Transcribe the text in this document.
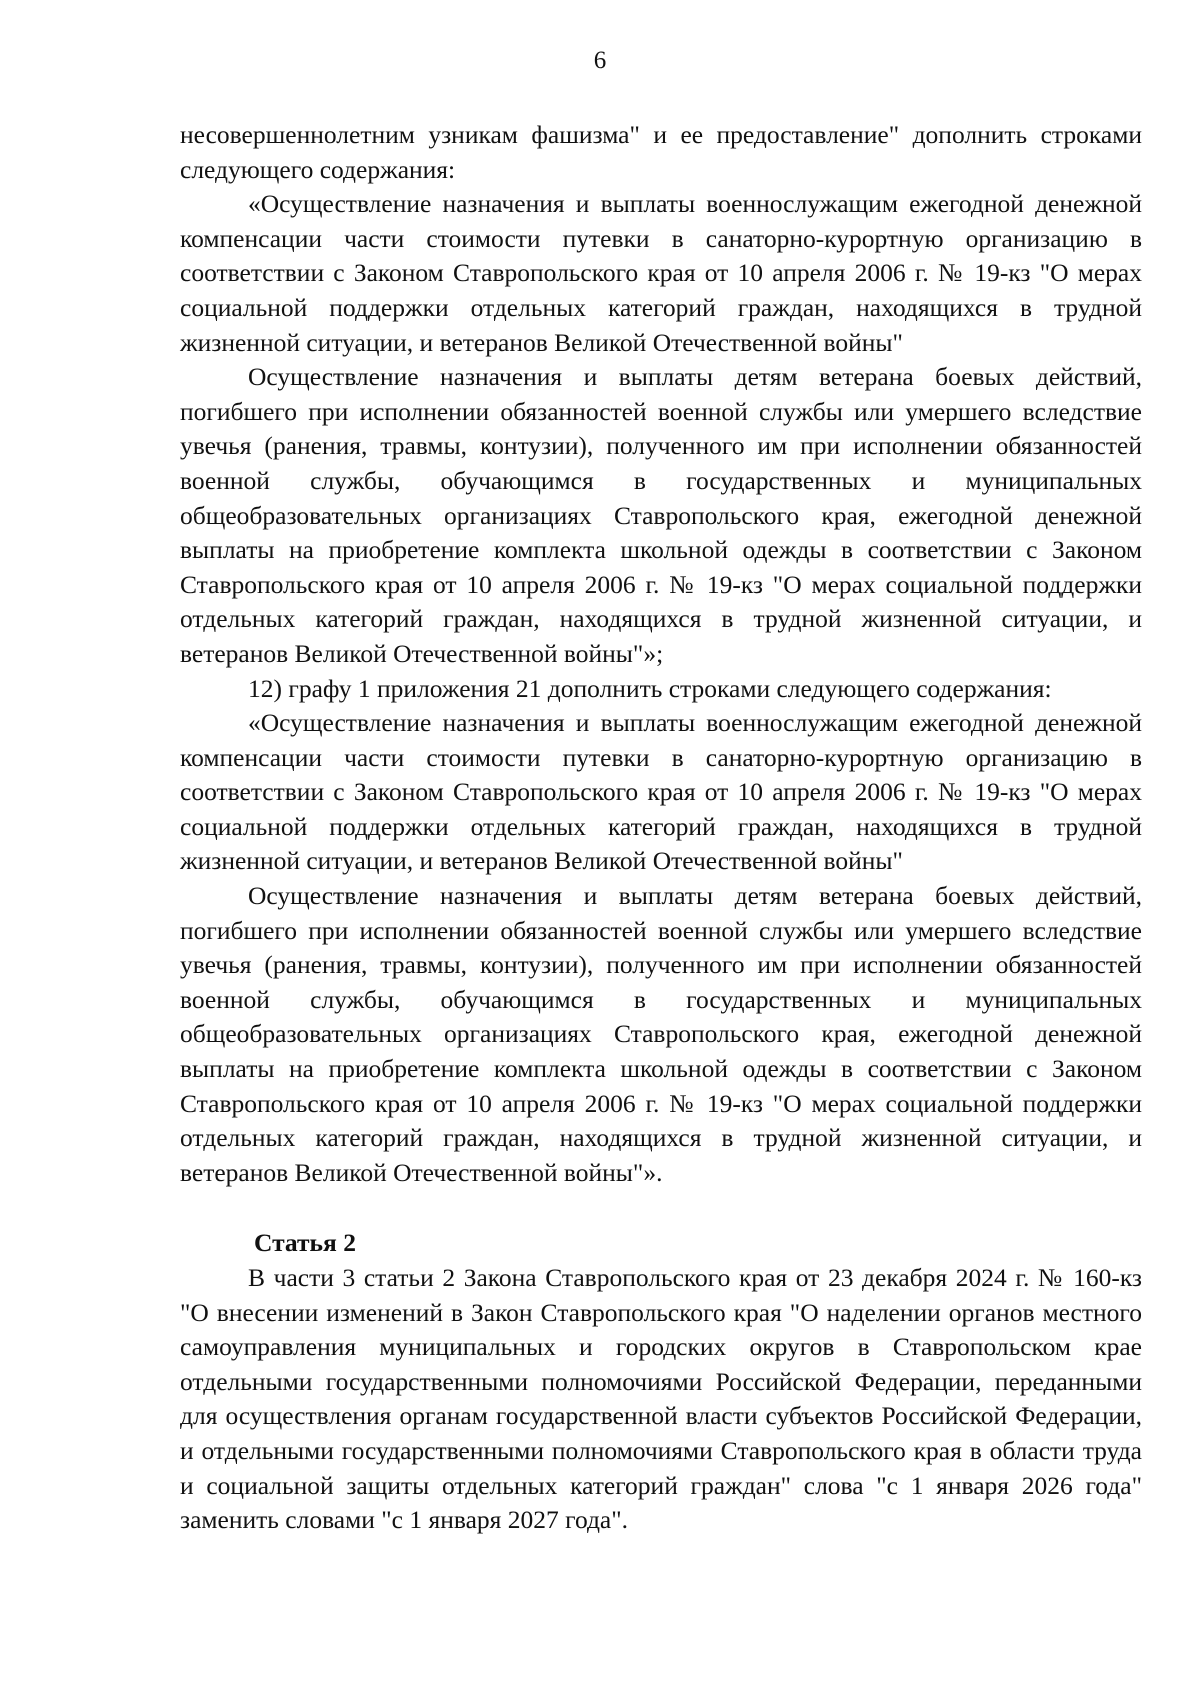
6

несовершеннолетним узникам фашизма" и ее предоставление" дополнить строками следующего содержания:

«Осуществление назначения и выплаты военнослужащим ежегодной денежной компенсации части стоимости путевки в санаторно-курортную организацию в соответствии с Законом Ставропольского края от 10 апреля 2006 г. № 19-кз "О мерах социальной поддержки отдельных категорий граждан, находящихся в трудной жизненной ситуации, и ветеранов Великой Отечественной войны"

Осуществление назначения и выплаты детям ветерана боевых действий, погибшего при исполнении обязанностей военной службы или умершего вследствие увечья (ранения, травмы, контузии), полученного им при исполнении обязанностей военной службы, обучающимся в государственных и муниципальных общеобразовательных организациях Ставропольского края, ежегодной денежной выплаты на приобретение комплекта школьной одежды в соответствии с Законом Ставропольского края от 10 апреля 2006 г. № 19-кз "О мерах социальной поддержки отдельных категорий граждан, находящихся в трудной жизненной ситуации, и ветеранов Великой Отечественной войны"»;

12) графу 1 приложения 21 дополнить строками следующего содержания:

«Осуществление назначения и выплаты военнослужащим ежегодной денежной компенсации части стоимости путевки в санаторно-курортную организацию в соответствии с Законом Ставропольского края от 10 апреля 2006 г. № 19-кз "О мерах социальной поддержки отдельных категорий граждан, находящихся в трудной жизненной ситуации, и ветеранов Великой Отечественной войны"

Осуществление назначения и выплаты детям ветерана боевых действий, погибшего при исполнении обязанностей военной службы или умершего вследствие увечья (ранения, травмы, контузии), полученного им при исполнении обязанностей военной службы, обучающимся в государственных и муниципальных общеобразовательных организациях Ставропольского края, ежегодной денежной выплаты на приобретение комплекта школьной одежды в соответствии с Законом Ставропольского края от 10 апреля 2006 г. № 19-кз "О мерах социальной поддержки отдельных категорий граждан, находящихся в трудной жизненной ситуации, и ветеранов Великой Отечественной войны"».

Статья 2

В части 3 статьи 2 Закона Ставропольского края от 23 декабря 2024 г. № 160-кз "О внесении изменений в Закон Ставропольского края "О наделении органов местного самоуправления муниципальных и городских округов в Ставропольском крае отдельными государственными полномочиями Российской Федерации, переданными для осуществления органам государственной власти субъектов Российской Федерации, и отдельными государственными полномочиями Ставропольского края в области труда и социальной защиты отдельных категорий граждан" слова "с 1 января 2026 года" заменить словами "с 1 января 2027 года".
